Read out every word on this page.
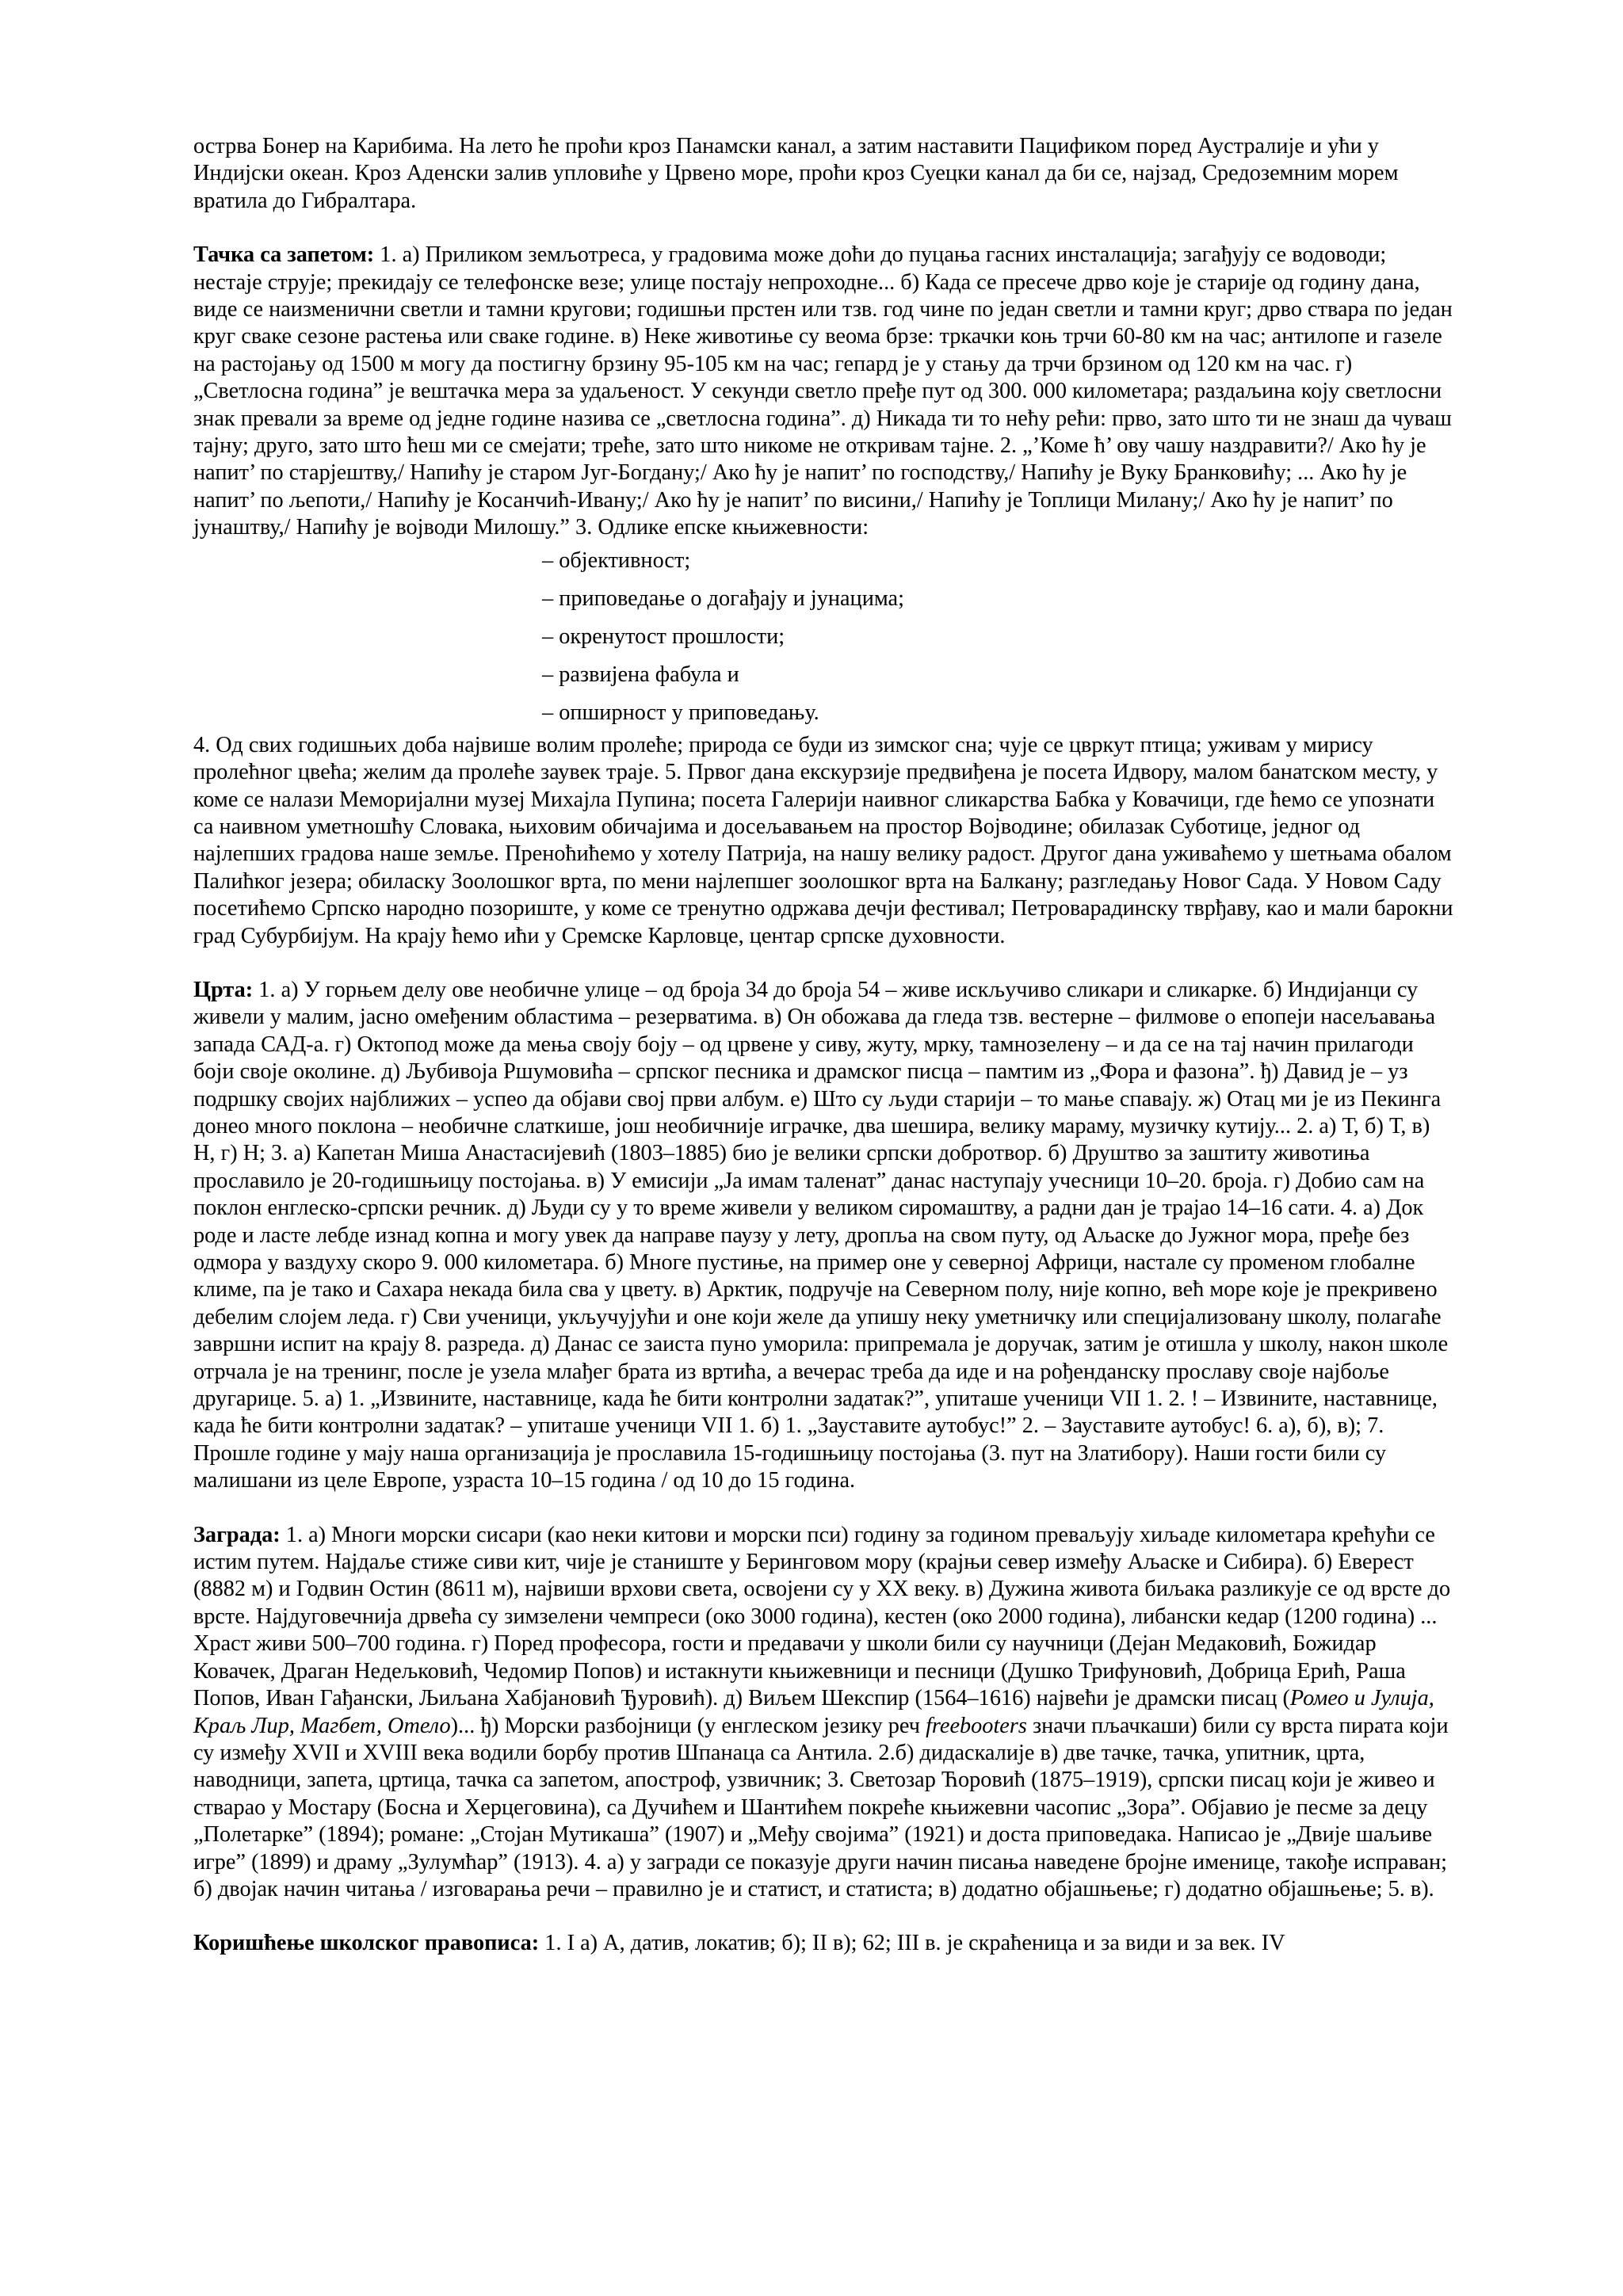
острва Бонер на Карибима. На лето ће проћи кроз Панамски канал, а затим наставити Пацификом поред Аустралије и ући у Индијски океан. Кроз Аденски залив упловиће у Црвено море, проћи кроз Суецки канал да би се, најзад, Средоземним морем вратила до Гибралтара.

Тачка са запетом: 1. а) Приликом земљотреса, у градовима може доћи до пуцања гасних инсталација; загађују се водоводи; нестаје струје; прекидају се телефонске везе; улице постају непроходне... б) Када се пресече дрво које је старије од годину дана, виде се наизменични светли и тамни кругови; годишњи прстен или тзв. год чине по један светли и тамни круг; дрво ствара по један круг сваке сезоне растења или сваке године. в) Неке животиње су веома брзе: тркачки коњ трчи 60-80 км на час; антилопе и газеле на растојању од 1500 м могу да постигну брзину 95-105 км на час; гепард је у стању да трчи брзином од 120 км на час. г) „Светлосна година” је вештачка мера за удаљеност. У секунди светло пређе пут од 300. 000 километара; раздаљина коју светлосни знак превали за време од једне године назива се „светлосна година”. д) Никада ти то нећу рећи: прво, зато што ти не знаш да чуваш тајну; друго, зато што ћеш ми се смејати; треће, зато што никоме не откривам тајне. 2. „’Коме ћ’ ову чашу наздравити?/ Ако ћу је напит’ по старјештву,/ Напићу је старом Југ-Богдану;/ Ако ћу је напит’ по господству,/ Напићу је Вуку Бранковићу; ... Ако ћу је напит’ по љепоти,/ Напићу је Косанчић-Ивану;/ Ако ћу је напит’ по висини,/ Напићу је Топлици Милану;/ Ако ћу је напит’ по јунаштву,/ Напићу је војводи Милошу.” 3. Одлике епске књижевности:

– објективност;
– приповедање о догађају и јунацима;
– окренутост прошлости;
– развијена фабула и
– опширност у приповедању.

4. Од свих годишњих доба највише волим пролеће; природа се буди из зимског сна; чује се цвркут птица; уживам у мирису пролећног цвећа; желим да пролеће заувек траје. 5. Првог дана екскурзије предвиђена је посета Идвору, малом банатском месту, у коме се налази Меморијални музеј Михајла Пупина; посета Галерији наивног сликарства Бабка у Ковачици, где ћемо се упознати са наивном уметношћу Словака, њиховим обичајима и досељавањем на простор Војводине; обилазак Суботице, једног од најлепших градова наше земље. Преноћићемо у хотелу Патрија, на нашу велику радост. Другог дана уживаћемо у шетњама обалом Палићког језера; обиласку Зоолошког врта, по мени најлепшег зоолошког врта на Балкану; разгледању Новог Сада. У Новом Саду посетићемо Српско народно позориште, у коме се тренутно одржава дечји фестивал; Петроварадинску тврђаву, као и мали барокни град Субурбијум. На крају ћемо ићи у Сремске Карловце, центар српске духовности.

Црта: 1. а) У горњем делу ове необичне улице – од броја 34 до броја 54 – живе искључиво сликари и сликарке. б) Индијанци су живели у малим, јасно омеђеним областима – резерватима. в) Он обожава да гледа тзв. вестерне – филмове о епопеји насељавања запада САД-а. г) Октопод може да мења своју боју – од црвене у сиву, жуту, мрку, тамнозелену – и да се на тај начин прилагоди боји своје околине. д) Љубивоја Ршумовића – српског песника и драмског писца – памтим из „Фора и фазона”. ђ) Давид је – уз подршку својих најближих – успео да објави свој први албум. е) Што су људи старији – то мање спавају. ж) Отац ми је из Пекинга донео много поклона – необичне слаткише, још необичније играчке, два шешира, велику мараму, музичку кутију... 2. а) Т, б) Т, в) Н, г) Н; 3. а) Капетан Миша Анастасијевић (1803–1885) био је велики српски добротвор. б) Друштво за заштиту животиња прославило је 20-годишњицу постојања. в) У емисији „Ја имам таленат” данас наступају учесници 10–20. броја. г) Добио сам на поклон енглеско-српски речник. д) Људи су у то време живели у великом сиромаштву, а радни дан је трајао 14–16 сати. 4. а) Док роде и ласте лебде изнад копна и могу увек да направе паузу у лету, дропља на свом путу, од Аљаске до Јужног мора, пређе без одмора у ваздуху скоро 9. 000 километара. б) Многе пустиње, на пример оне у северној Африци, настале су променом глобалне климе, па је тако и Сахара некада била сва у цвету. в) Арктик, подручје на Северном полу, није копно, већ море које је прекривено дебелим слојем леда. г) Сви ученици, укључујући и оне који желе да упишу неку уметничку или специјализовану школу, полагаће завршни испит на крају 8. разреда. д) Данас се заиста пуно уморила: припремала је доручак, затим је отишла у школу, након школе отрчала је на тренинг, после је узела млађег брата из вртића, а вечерас треба да иде и на рођенданску прославу своје најбоље другарице. 5. а) 1. „Извините, наставнице, када ће бити контролни задатак?”, упиташе ученици VII 1. 2. ! – Извините, наставнице, када ће бити контролни задатак? – упиташе ученици VII 1. б) 1. „Зауставите аутобус!” 2. – Зауставите аутобус! 6. а), б), в); 7. Прошле године у мају наша организација је прославила 15-годишњицу постојања (3. пут на Златибору). Наши гости били су малишани из целе Европе, узраста 10–15 година / од 10 до 15 година.

Заграда: 1. а) Многи морски сисари (као неки китови и морски пси) годину за годином превaљују хиљаде километара крећући се истим путем. Најдаље стиже сиви кит, чије је станиште у Беринговом мору (крајњи север између Аљаске и Сибира). б) Еверест (8882 м) и Годвин Остин (8611 м), највиши врхови света, освојени су у ХХ веку. в) Дужина живота биљака разликује се од врсте до врсте. Најдуговечнија дрвећа су зимзелени чемпреси (око 3000 година), кестен (око 2000 година), либански кедар (1200 година) ... Храст живи 500–700 година. г) Поред професора, гости и предавачи у школи били су научници (Дејан Медаковић, Божидар Ковачек, Драган Недељковић, Чедомир Попов) и истакнути књижевници и песници (Душко Трифуновић, Добрица Ерић, Раша Попов, Иван Гађански, Љиљана Хабјановић Ђуровић). д) Виљем Шекспир (1564–1616) највећи је драмски писац (Ромео и Јулија, Краљ Лир, Магбет, Отело)... ђ) Морски разбојници (у енглеском језику реч freebooters значи пљачкаши) били су врста пирата који су између XVII и XVIII века водили борбу против Шпанаца са Антила. 2.б) дидаскалије в) две тачке, тачка, упитник, црта, наводници, запета, цртица, тачка са запетом, апостроф, узвичник; 3. Светозар Ћоровић (1875–1919), српски писац који је живео и стварао у Мостару (Босна и Херцеговина), са Дучићем и Шантићем покреће књижевни часопис „Зора”. Објавио је песме за децу „Полетарке” (1894); романе: „Стојан Мутикаша” (1907) и „Међу својима” (1921) и доста приповедака. Написао је „Двије шаљиве игре” (1899) и драму „Зулумћар” (1913). 4. а) у загради се показује други начин писања наведене бројне именице, такође исправан; б) двојак начин читања / изговарања речи – правилно је и статист, и статиста; в) додатно објашњење; г) додатно објашњење; 5. в).

Коришћење школског правописа: 1. I а) А, датив, локатив; б); II в); 62; III в. је скраћеница и за види и за век. IV
